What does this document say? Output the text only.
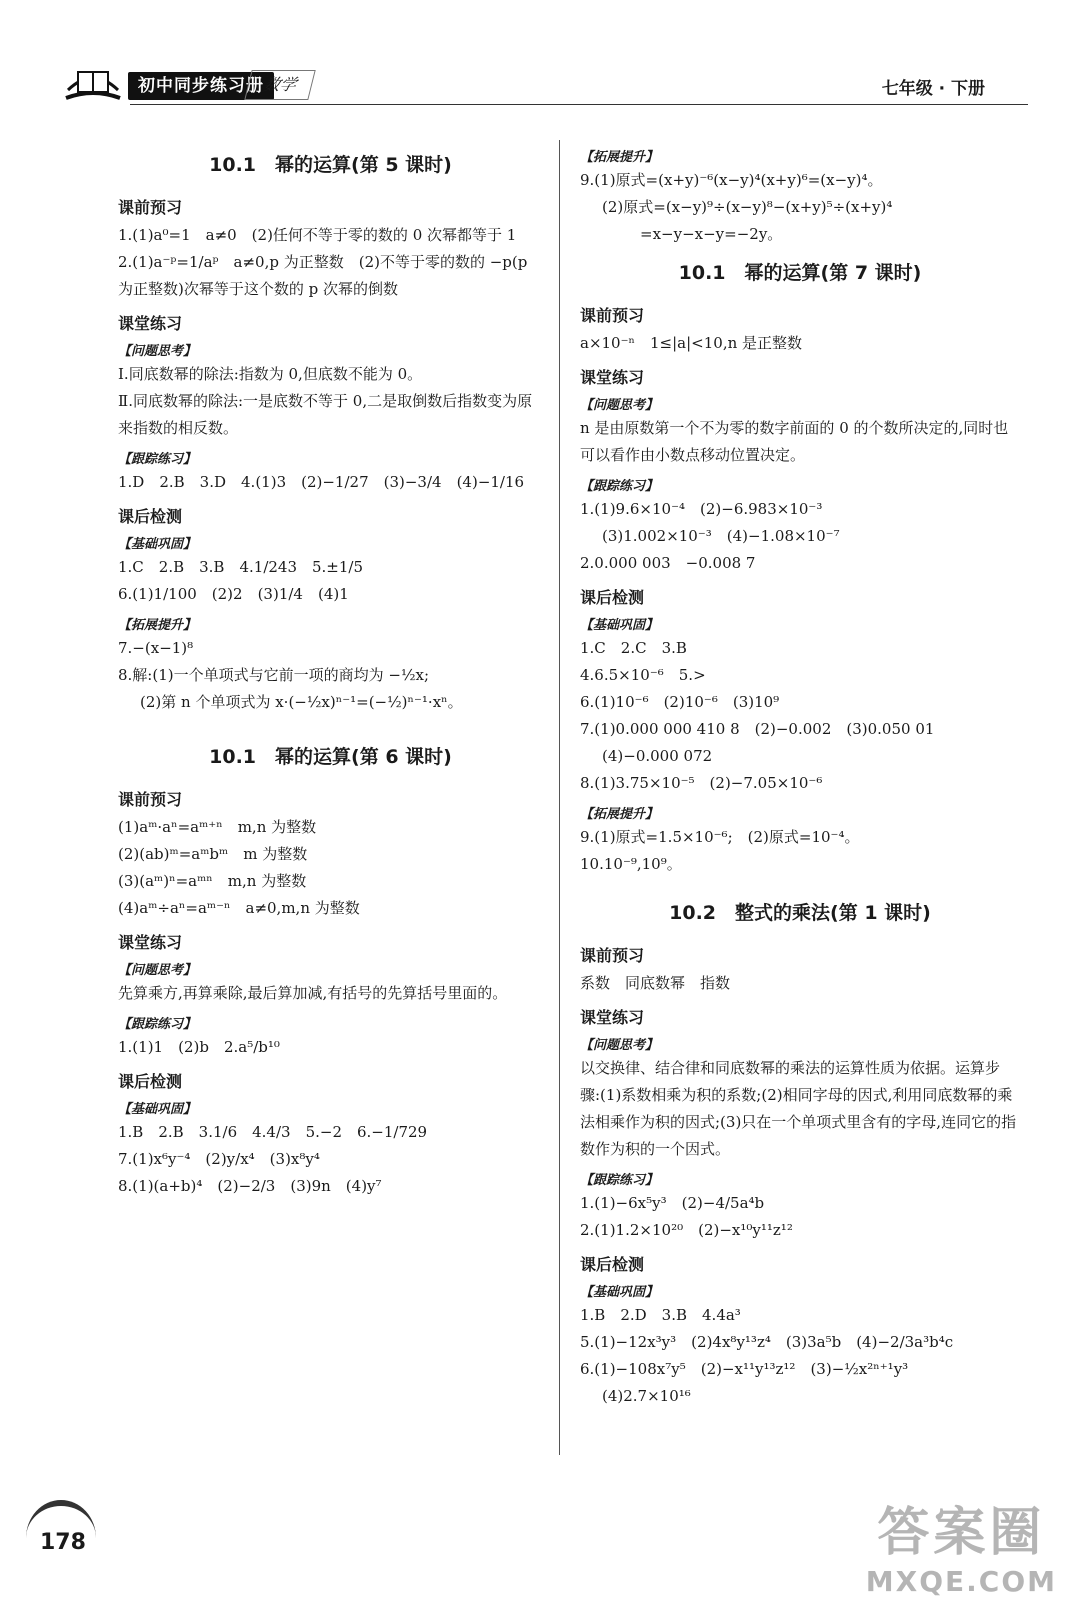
初中同步练习册
数学	七年级 · 下册
10.1　幂的运算(第 5 课时)
课前预习
1.(1)a⁰=1　a≠0　(2)任何不等于零的数的 0 次幂都等于 1
2.(1)a⁻ᵖ=1/aᵖ　a≠0,p 为正整数　(2)不等于零的数的 −p(p 为正整数)次幂等于这个数的 p 次幂的倒数
课堂练习
【问题思考】
Ⅰ.同底数幂的除法:指数为 0,但底数不能为 0。
Ⅱ.同底数幂的除法:一是底数不等于 0,二是取倒数后指数变为原来指数的相反数。
【跟踪练习】
1.D　2.B　3.D　4.(1)3　(2)−1/27　(3)−3/4　(4)−1/16
课后检测
【基础巩固】
1.C　2.B　3.B　4.1/243　5.±1/5
6.(1)1/100　(2)2　(3)1/4　(4)1
【拓展提升】
7.−(x−1)⁸
8.解:(1)一个单项式与它前一项的商均为 −½x;
(2)第 n 个单项式为 x·(−½x)ⁿ⁻¹=(−½)ⁿ⁻¹·xⁿ。
10.1　幂的运算(第 6 课时)
课前预习
(1)aᵐ·aⁿ=aᵐ⁺ⁿ　m,n 为整数
(2)(ab)ᵐ=aᵐbᵐ　m 为整数
(3)(aᵐ)ⁿ=aᵐⁿ　m,n 为整数
(4)aᵐ÷aⁿ=aᵐ⁻ⁿ　a≠0,m,n 为整数
课堂练习
【问题思考】
先算乘方,再算乘除,最后算加减,有括号的先算括号里面的。
【跟踪练习】
1.(1)1　(2)b　2.a⁵/b¹⁰
课后检测
【基础巩固】
1.B　2.B　3.1/6　4.4/3　5.−2　6.−1/729
7.(1)x⁶y⁻⁴　(2)y/x⁴　(3)x⁸y⁴
8.(1)(a+b)⁴　(2)−2/3　(3)9n　(4)y⁷
【拓展提升】
9.(1)原式=(x+y)⁻⁶(x−y)⁴(x+y)⁶=(x−y)⁴。
(2)原式=(x−y)⁹÷(x−y)⁸−(x+y)⁵÷(x+y)⁴
=x−y−x−y=−2y。
10.1　幂的运算(第 7 课时)
课前预习
a×10⁻ⁿ　1≤|a|<10,n 是正整数
课堂练习
【问题思考】
n 是由原数第一个不为零的数字前面的 0 的个数所决定的,同时也可以看作由小数点移动位置决定。
【跟踪练习】
1.(1)9.6×10⁻⁴　(2)−6.983×10⁻³
(3)1.002×10⁻³　(4)−1.08×10⁻⁷
2.0.000 003　−0.008 7
课后检测
【基础巩固】
1.C　2.C　3.B
4.6.5×10⁻⁶　5.>
6.(1)10⁻⁶　(2)10⁻⁶　(3)10⁹
7.(1)0.000 000 410 8　(2)−0.002　(3)0.050 01
(4)−0.000 072
8.(1)3.75×10⁻⁵　(2)−7.05×10⁻⁶
【拓展提升】
9.(1)原式=1.5×10⁻⁶;　(2)原式=10⁻⁴。
10.10⁻⁹,10⁹。
10.2　整式的乘法(第 1 课时)
课前预习
系数　同底数幂　指数
课堂练习
【问题思考】
以交换律、结合律和同底数幂的乘法的运算性质为依据。运算步骤:(1)系数相乘为积的系数;(2)相同字母的因式,利用同底数幂的乘法相乘作为积的因式;(3)只在一个单项式里含有的字母,连同它的指数作为积的一个因式。
【跟踪练习】
1.(1)−6x⁵y³　(2)−4/5a⁴b
2.(1)1.2×10²⁰　(2)−x¹⁰y¹¹z¹²
课后检测
【基础巩固】
1.B　2.D　3.B　4.4a³
5.(1)−12x³y³　(2)4x⁸y¹³z⁴　(3)3a⁵b　(4)−2/3a³b⁴c
6.(1)−108x⁷y⁵　(2)−x¹¹y¹³z¹²　(3)−½x²ⁿ⁺¹y³
(4)2.7×10¹⁶
178	答案圈
MXQE.COM
